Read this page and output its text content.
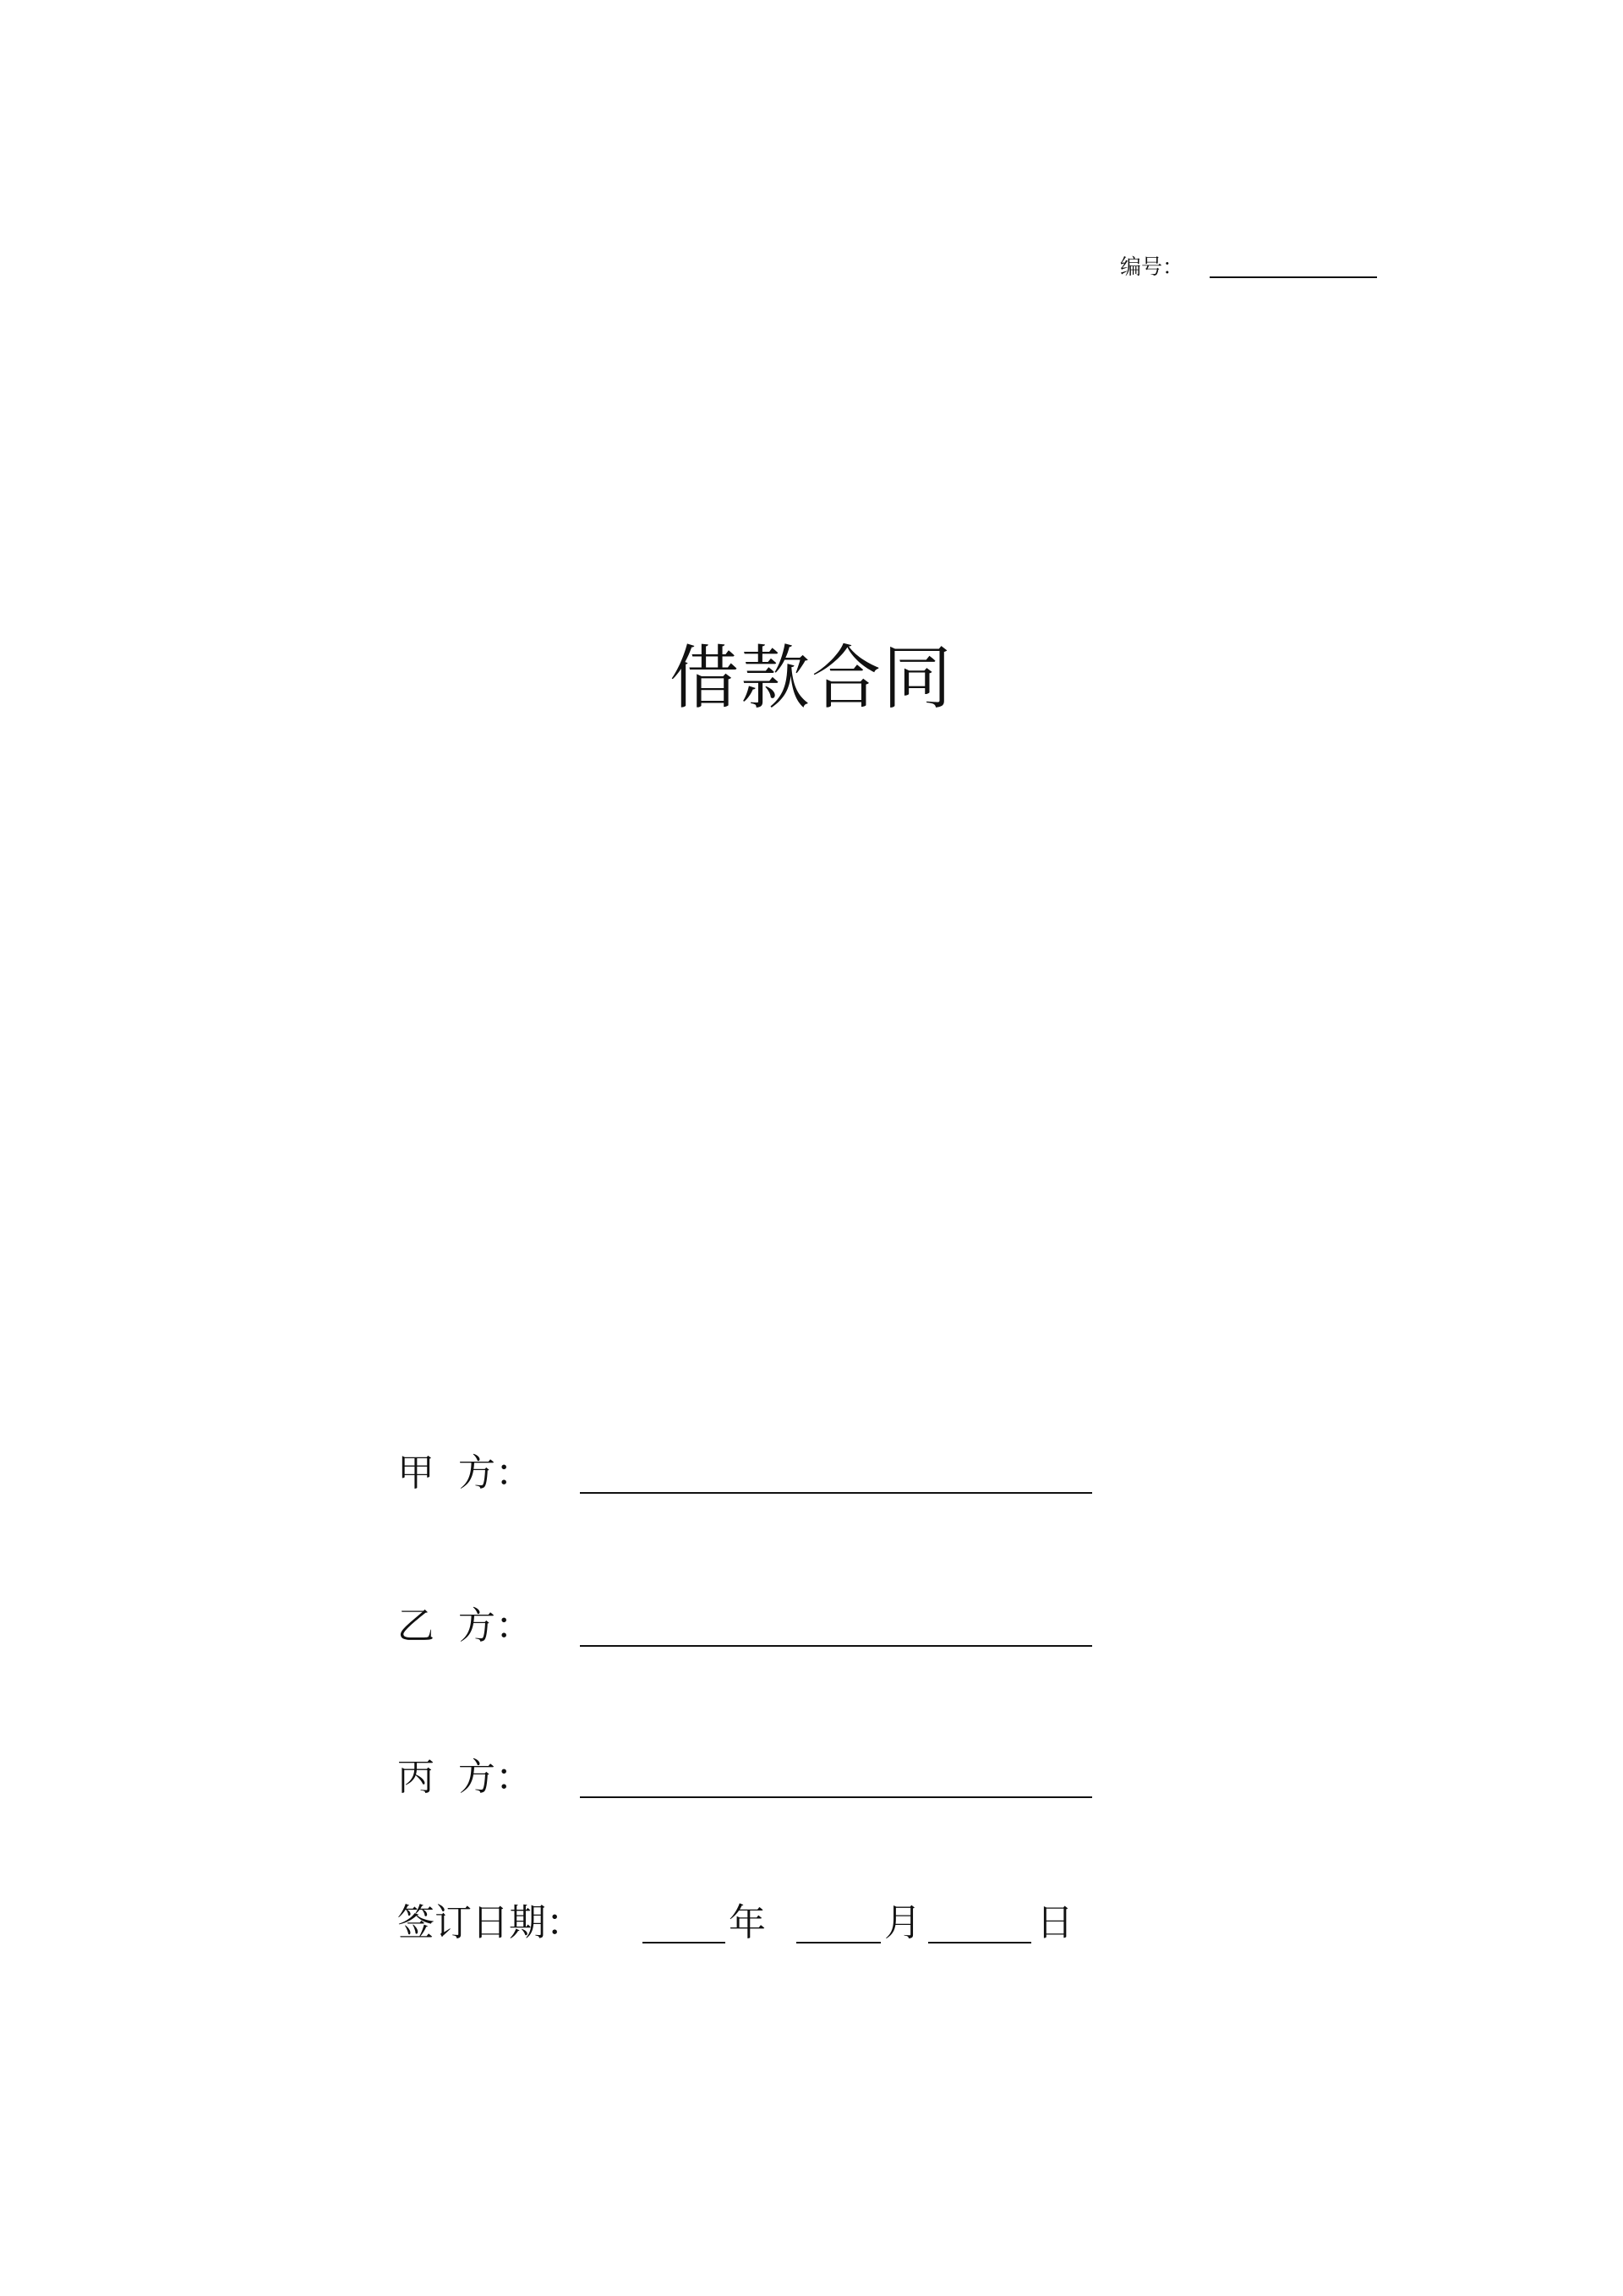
编号：
借款合同
甲 方：
乙 方：
丙 方：
签订日期：	年	月	日
